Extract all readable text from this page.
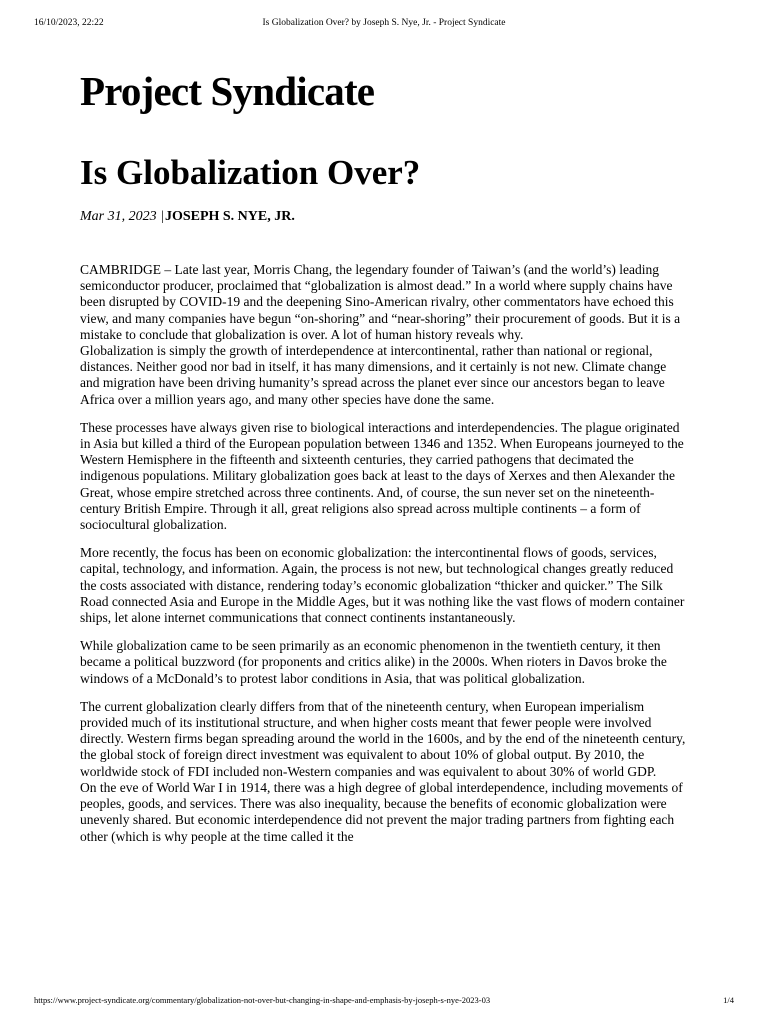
16/10/2023, 22:22	Is Globalization Over? by Joseph S. Nye, Jr. - Project Syndicate
Project Syndicate
Is Globalization Over?
Mar 31, 2023 |JOSEPH S. NYE, JR.

CAMBRIDGE – Late last year, Morris Chang, the legendary founder of Taiwan’s (and the world’s) leading semiconductor producer, proclaimed that “globalization is almost dead.” In a world where supply chains have been disrupted by COVID-19 and the deepening Sino-American rivalry, other commentators have echoed this view, and many companies have begun “on-shoring” and “near-shoring” their procurement of goods. But it is a mistake to conclude that globalization is over. A lot of human history reveals why.

Globalization is simply the growth of interdependence at intercontinental, rather than national or regional, distances. Neither good nor bad in itself, it has many dimensions, and it certainly is not new. Climate change and migration have been driving humanity’s spread across the planet ever since our ancestors began to leave Africa over a million years ago, and many other species have done the same.

These processes have always given rise to biological interactions and interdependencies. The plague originated in Asia but killed a third of the European population between 1346 and 1352. When Europeans journeyed to the Western Hemisphere in the fifteenth and sixteenth centuries, they carried pathogens that decimated the indigenous populations. Military globalization goes back at least to the days of Xerxes and then Alexander the Great, whose empire stretched across three continents. And, of course, the sun never set on the nineteenth-century British Empire. Through it all, great religions also spread across multiple continents – a form of sociocultural globalization.

More recently, the focus has been on economic globalization: the intercontinental flows of goods, services, capital, technology, and information. Again, the process is not new, but technological changes greatly reduced the costs associated with distance, rendering today’s economic globalization “thicker and quicker.” The Silk Road connected Asia and Europe in the Middle Ages, but it was nothing like the vast flows of modern container ships, let alone internet communications that connect continents instantaneously.

While globalization came to be seen primarily as an economic phenomenon in the twentieth century, it then became a political buzzword (for proponents and critics alike) in the 2000s. When rioters in Davos broke the windows of a McDonald’s to protest labor conditions in Asia, that was political globalization.

The current globalization clearly differs from that of the nineteenth century, when European imperialism provided much of its institutional structure, and when higher costs meant that fewer people were involved directly. Western firms began spreading around the world in the 1600s, and by the end of the nineteenth century, the global stock of foreign direct investment was equivalent to about 10% of global output. By 2010, the worldwide stock of FDI included non-Western companies and was equivalent to about 30% of world GDP.

On the eve of World War I in 1914, there was a high degree of global interdependence, including movements of peoples, goods, and services. There was also inequality, because the benefits of economic globalization were unevenly shared. But economic interdependence did not prevent the major trading partners from fighting each other (which is why people at the time called it the

https://www.project-syndicate.org/commentary/globalization-not-over-but-changing-in-shape-and-emphasis-by-joseph-s-nye-2023-03	1/4
